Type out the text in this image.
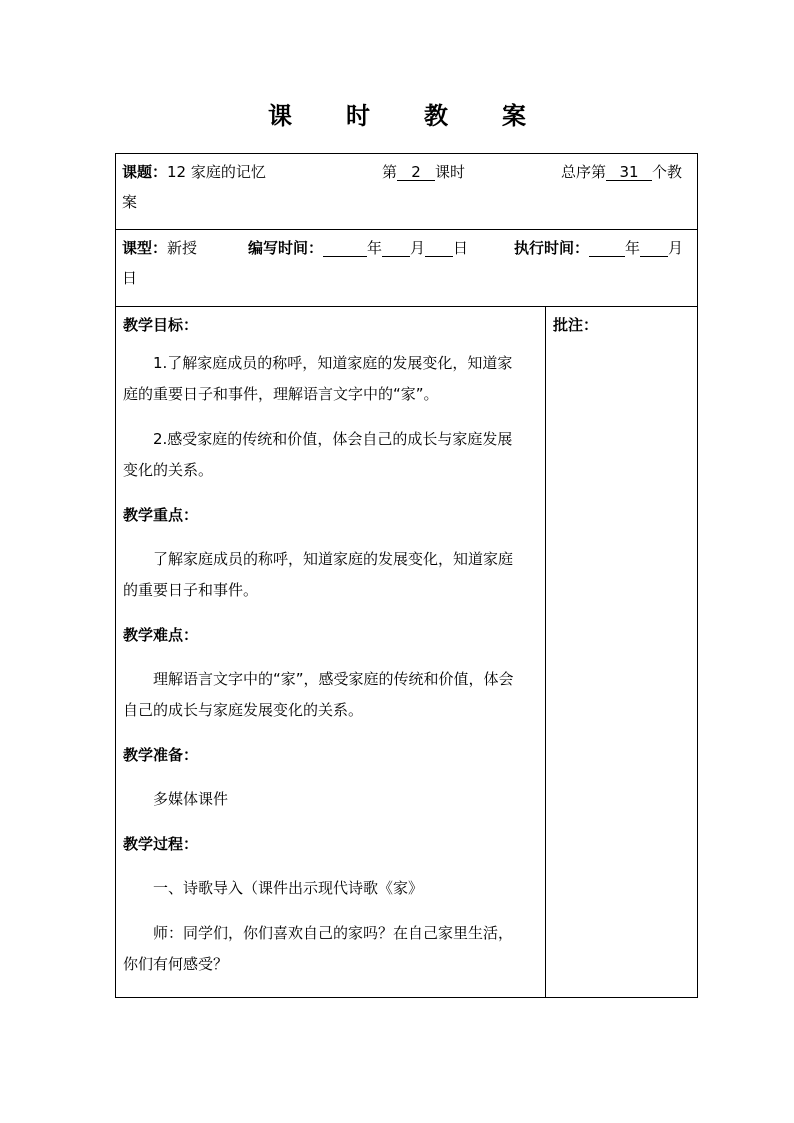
课 时 教 案
课题：12 家庭的记忆	第 2 课时	总序第 31 个教
案
课型：新授	编写时间：	年 月 日	执行时间： 年 月
日
教学目标：
1.了解家庭成员的称呼，知道家庭的发展变化，知道家
庭的重要日子和事件，理解语言文字中的“家”。
2.感受家庭的传统和价值，体会自己的成长与家庭发展
变化的关系。
教学重点：
了解家庭成员的称呼，知道家庭的发展变化，知道家庭
的重要日子和事件。
教学难点：
理解语言文字中的“家”，感受家庭的传统和价值，体会
自己的成长与家庭发展变化的关系。
教学准备：
多媒体课件
教学过程：
一、诗歌导入（课件出示现代诗歌《家》
师：同学们，你们喜欢自己的家吗？在自己家里生活，
你们有何感受？
批注：
